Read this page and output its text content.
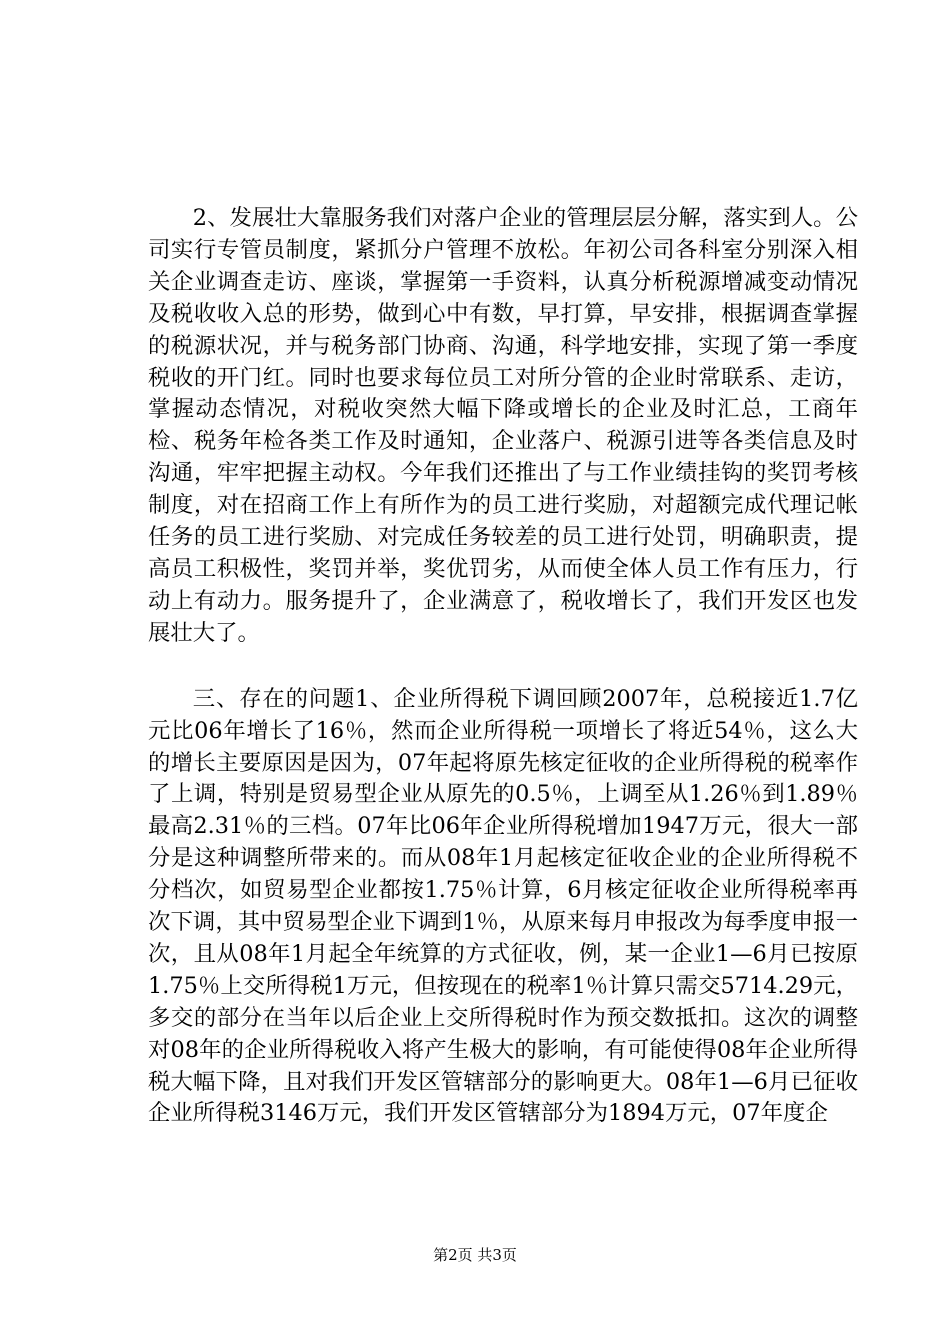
2、发展壮大靠服务我们对落户企业的管理层层分解，落实到人。公司实行专管员制度，紧抓分户管理不放松。年初公司各科室分别深入相关企业调查走访、座谈，掌握第一手资料，认真分析税源增减变动情况及税收收入总的形势，做到心中有数，早打算，早安排，根据调查掌握的税源状况，并与税务部门协商、沟通，科学地安排，实现了第一季度税收的开门红。同时也要求每位员工对所分管的企业时常联系、走访，掌握动态情况，对税收突然大幅下降或增长的企业及时汇总，工商年检、税务年检各类工作及时通知，企业落户、税源引进等各类信息及时沟通，牢牢把握主动权。今年我们还推出了与工作业绩挂钩的奖罚考核制度，对在招商工作上有所作为的员工进行奖励，对超额完成代理记帐任务的员工进行奖励、对完成任务较差的员工进行处罚，明确职责，提高员工积极性，奖罚并举，奖优罚劣，从而使全体人员工作有压力，行动上有动力。服务提升了，企业满意了，税收增长了，我们开发区也发展壮大了。

三、存在的问题1、企业所得税下调回顾2007年，总税接近1.7亿元比06年增长了16％，然而企业所得税一项增长了将近54％，这么大的增长主要原因是因为，07年起将原先核定征收的企业所得税的税率作了上调，特别是贸易型企业从原先的0.5％，上调至从1.26％到1.89％最高2.31％的三档。07年比06年企业所得税增加1947万元，很大一部分是这种调整所带来的。而从08年1月起核定征收企业的企业所得税不分档次，如贸易型企业都按1.75％计算，6月核定征收企业所得税率再次下调，其中贸易型企业下调到1％，从原来每月申报改为每季度申报一次，且从08年1月起全年统算的方式征收，例，某一企业1—6月已按原1.75％上交所得税1万元，但按现在的税率1％计算只需交5714.29元，多交的部分在当年以后企业上交所得税时作为预交数抵扣。这次的调整对08年的企业所得税收入将产生极大的影响，有可能使得08年企业所得税大幅下降，且对我们开发区管辖部分的影响更大。08年1—6月已征收企业所得税3146万元，我们开发区管辖部分为1894万元，07年度企

第2页 共3页
